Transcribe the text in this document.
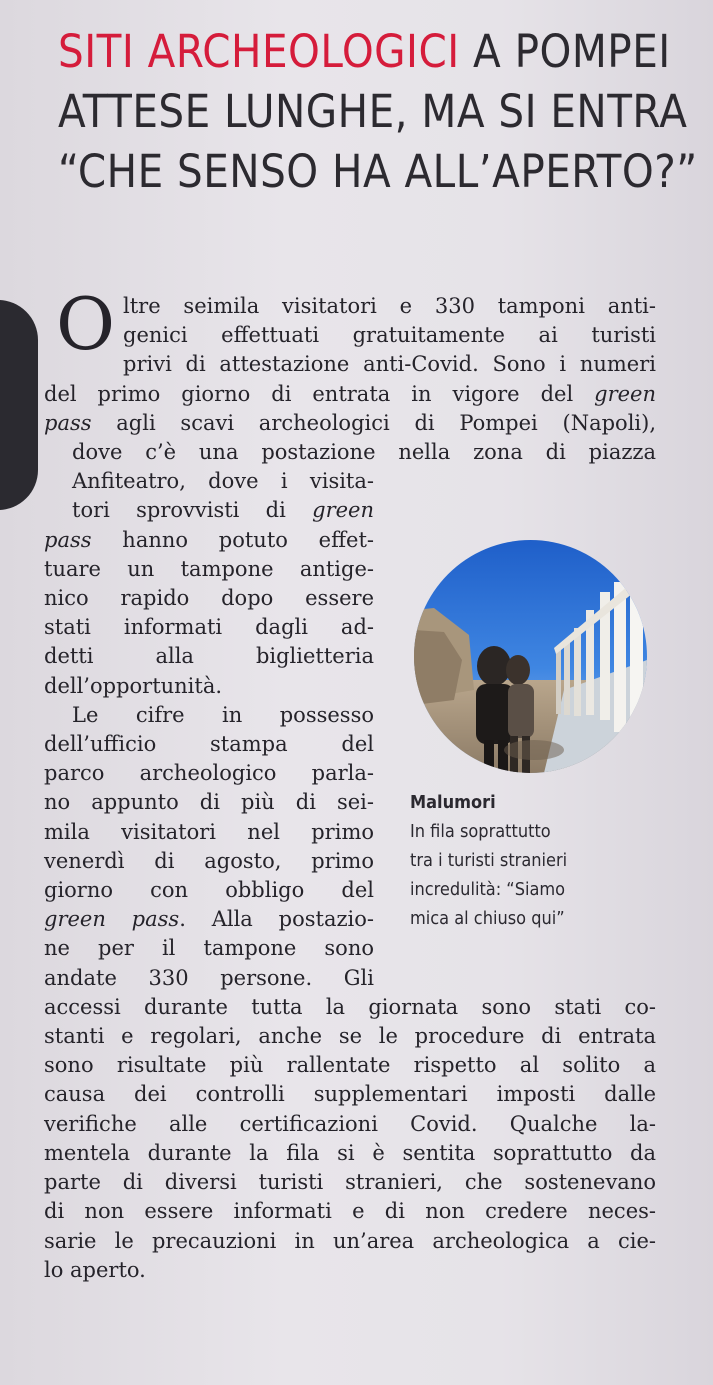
SITI ARCHEOLOGICI A POMPEI
ATTESE LUNGHE, MA SI ENTRA
“CHE SENSO HA ALL’APERTO?”
O ltre seimila visitatori e 330 tamponi anti-
genici effettuati gratuitamente ai turisti
privi di attestazione anti-Covid. Sono i numeri
del primo giorno di entrata in vigore del green
pass agli scavi archeologici di Pompei (Napoli),
dove c’è una postazione nella zona di piazza
Anfiteatro, dove i visita-
tori sprovvisti di green
pass hanno potuto effet-
tuare un tampone antige-
nico rapido dopo essere
stati informati dagli ad-
detti alla biglietteria
dell’opportunità.
Le cifre in possesso
dell’ufficio stampa del
parco archeologico parla-
no appunto di più di sei-
mila visitatori nel primo
venerdì di agosto, primo
giorno con obbligo del
green pass. Alla postazio-
ne per il tampone sono
andate 330 persone. Gli
accessi durante tutta la giornata sono stati co-
stanti e regolari, anche se le procedure di entrata
sono risultate più rallentate rispetto al solito a
causa dei controlli supplementari imposti dalle
verifiche alle certificazioni Covid. Qualche la-
mentela durante la fila si è sentita soprattutto da
parte di diversi turisti stranieri, che sostenevano
di non essere informati e di non credere neces-
sarie le precauzioni in un’area archeologica a cie-
lo aperto.
Malumori
In fila soprattutto
tra i turisti stranieri
incredulità: “Siamo
mica al chiuso qui”
